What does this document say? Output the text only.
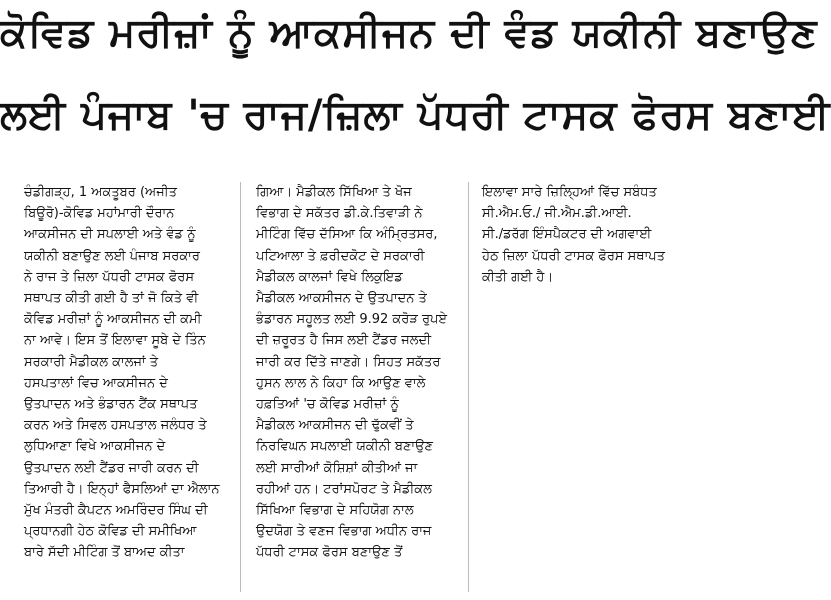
ਕੋਵਿਡ ਮਰੀਜ਼ਾਂ ਨੂੰ ਆਕਸੀਜਨ ਦੀ ਵੰਡ ਯਕੀਨੀ ਬਣਾਉਣ
ਲਈ ਪੰਜਾਬ 'ਚ ਰਾਜ/ਜ਼ਿਲਾ ਪੱਧਰੀ ਟਾਸਕ ਫੋਰਸ ਬਣਾਈ

ਚੰਡੀਗੜ੍ਹ, 1 ਅਕਤੂਬਰ (ਅਜੀਤ

ਬਿਊਰੋ)-ਕੋਵਿਡ ਮਹਾਂਮਾਰੀ ਦੌਰਾਨ

ਆਕਸੀਜਨ ਦੀ ਸਪਲਾਈ ਅਤੇ ਵੰਡ ਨੂੰ

ਯਕੀਨੀ ਬਣਾਉਣ ਲਈ ਪੰਜਾਬ ਸਰਕਾਰ

ਨੇ ਰਾਜ ਤੇ ਜ਼ਿਲਾ ਪੱਧਰੀ ਟਾਸਕ ਫੋਰਸ

ਸਥਾਪਤ ਕੀਤੀ ਗਈ ਹੈ ਤਾਂ ਜੋ ਕਿਤੇ ਵੀ

ਕੋਵਿਡ ਮਰੀਜ਼ਾਂ ਨੂੰ ਆਕਸੀਜਨ ਦੀ ਕਮੀ

ਨਾ ਆਵੇ। ਇਸ ਤੋਂ ਇਲਾਵਾ ਸੂਬੇ ਦੇ ਤਿੰਨ

ਸਰਕਾਰੀ ਮੈਡੀਕਲ ਕਾਲਜਾਂ ਤੇ

ਹਸਪਤਾਲਾਂ ਵਿਚ ਆਕਸੀਜਨ ਦੇ

ਉਤਪਾਦਨ ਅਤੇ ਭੰਡਾਰਨ ਟੈਂਕ ਸਥਾਪਤ

ਕਰਨ ਅਤੇ ਸਿਵਲ ਹਸਪਤਾਲ ਜਲੰਧਰ ਤੇ

ਲੁਧਿਆਣਾ ਵਿਖੇ ਆਕਸੀਜਨ ਦੇ

ਉਤਪਾਦਨ ਲਈ ਟੈਂਡਰ ਜਾਰੀ ਕਰਨ ਦੀ

ਤਿਆਰੀ ਹੈ। ਇਨ੍ਹਾਂ ਫੈਸਲਿਆਂ ਦਾ ਐਲਾਨ

ਮੁੱਖ ਮੰਤਰੀ ਕੈਪਟਨ ਅਮਰਿੰਦਰ ਸਿੰਘ ਦੀ

ਪ੍ਰਧਾਨਗੀ ਹੇਠ ਕੋਵਿਡ ਦੀ ਸਮੀਖਿਆ

ਬਾਰੇ ਸੱਦੀ ਮੀਟਿੰਗ ਤੋਂ ਬਾਅਦ ਕੀਤਾ

ਗਿਆ। ਮੈਡੀਕਲ ਸਿੱਖਿਆ ਤੇ ਖੋਜ

ਵਿਭਾਗ ਦੇ ਸਕੱਤਰ ਡੀ.ਕੇ.ਤਿਵਾੜੀ ਨੇ

ਮੀਟਿੰਗ ਵਿੱਚ ਦੱਸਿਆ ਕਿ ਅੰਮ੍ਰਿਤਸਰ,

ਪਟਿਆਲਾ ਤੇ ਫ਼ਰੀਦਕੋਟ ਦੇ ਸਰਕਾਰੀ

ਮੈਡੀਕਲ ਕਾਲਜਾਂ ਵਿਖੇ ਲਿਕੁਇਡ

ਮੈਡੀਕਲ ਆਕਸੀਜਨ ਦੇ ਉਤਪਾਦਨ ਤੇ

ਭੰਡਾਰਨ ਸਹੂਲਤ ਲਈ 9.92 ਕਰੋੜ ਰੁਪਏ

ਦੀ ਜ਼ਰੂਰਤ ਹੈ ਜਿਸ ਲਈ ਟੈਂਡਰ ਜਲਦੀ

ਜਾਰੀ ਕਰ ਦਿੱਤੇ ਜਾਣਗੇ। ਸਿਹਤ ਸਕੱਤਰ

ਹੁਸਨ ਲਾਲ ਨੇ ਕਿਹਾ ਕਿ ਆਉਣ ਵਾਲੇ

ਹਫ਼ਤਿਆਂ 'ਚ ਕੋਵਿਡ ਮਰੀਜ਼ਾਂ ਨੂੰ

ਮੈਡੀਕਲ ਆਕਸੀਜਨ ਦੀ ਢੁੱਕਵੀਂ ਤੇ

ਨਿਰਵਿਘਨ ਸਪਲਾਈ ਯਕੀਨੀ ਬਣਾਉਣ

ਲਈ ਸਾਰੀਆਂ ਕੋਸ਼ਿਸ਼ਾਂ ਕੀਤੀਆਂ ਜਾ

ਰਹੀਆਂ ਹਨ। ਟਰਾਂਸਪੋਰਟ ਤੇ ਮੈਡੀਕਲ

ਸਿੱਖਿਆ ਵਿਭਾਗ ਦੇ ਸਹਿਯੋਗ ਨਾਲ

ਉਦਯੋਗ ਤੇ ਵਣਜ ਵਿਭਾਗ ਅਧੀਨ ਰਾਜ

ਪੱਧਰੀ ਟਾਸਕ ਫੋਰਸ ਬਣਾਉਣ ਤੋਂ

ਇਲਾਵਾ ਸਾਰੇ ਜ਼ਿਲ੍ਹਿਆਂ ਵਿੱਚ ਸਬੰਧਤ

ਸੀ.ਐਮ.ਓ./ ਜੀ.ਐਮ.ਡੀ.ਆਈ.

ਸੀ./ਡਰੱਗ ਇੰਸਪੈਕਟਰ ਦੀ ਅਗਵਾਈ

ਹੇਠ ਜ਼ਿਲਾ ਪੱਧਰੀ ਟਾਸਕ ਫੋਰਸ ਸਥਾਪਤ

ਕੀਤੀ ਗਈ ਹੈ।
